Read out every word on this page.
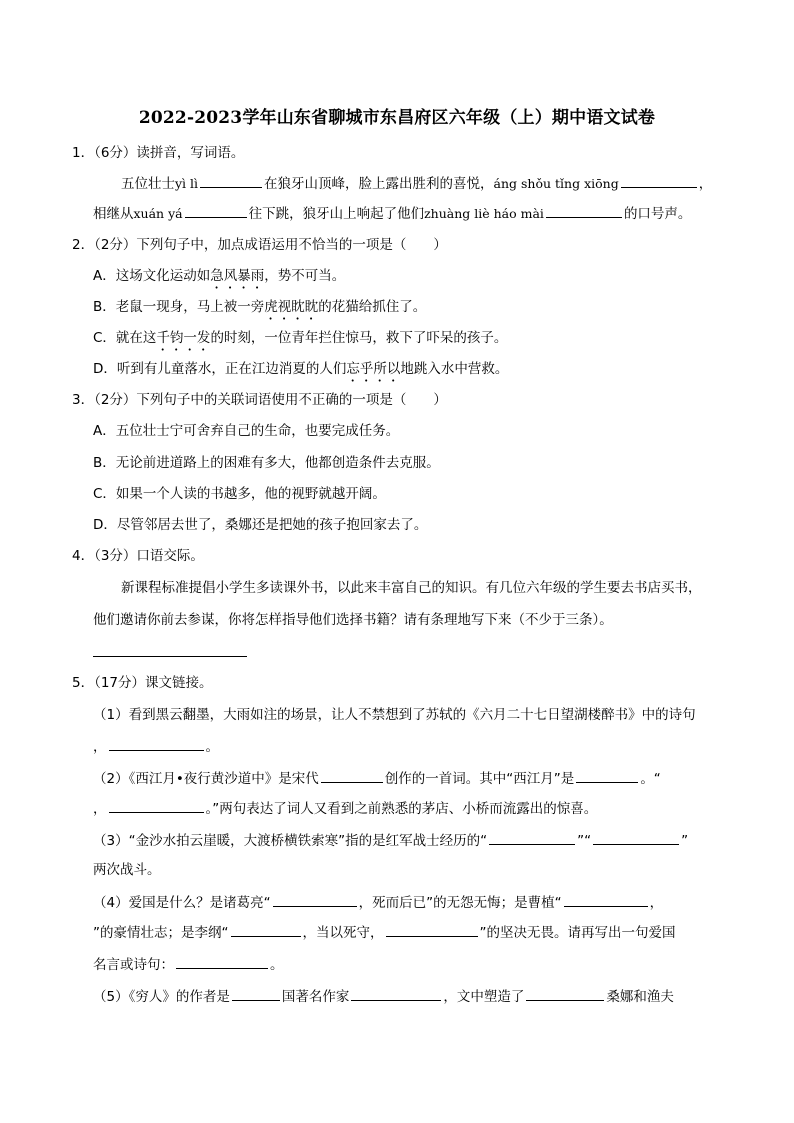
2022-2023学年山东省聊城市东昌府区六年级（上）期中语文试卷
1．（6分）读拼音，写词语。
五位壮士yì lì	在狼牙山顶峰，脸上露出胜利的喜悦，áng shǒu tǐng xiōng	，
相继从xuán yá	往下跳，狼牙山上响起了他们zhuàng liè háo mài	的口号声。
2．（2分）下列句子中，加点成语运用不恰当的一项是（　　）
A．这场文化运动如急风暴雨，势不可当。
B．老鼠一现身，马上被一旁虎视眈眈的花猫给抓住了。
C．就在这千钧一发的时刻，一位青年拦住惊马，救下了吓呆的孩子。
D．听到有儿童落水，正在江边消夏的人们忘乎所以地跳入水中营救。
3．（2分）下列句子中的关联词语使用不正确的一项是（　　）
A．五位壮士宁可舍弃自己的生命，也要完成任务。
B．无论前进道路上的困难有多大，他都创造条件去克服。
C．如果一个人读的书越多，他的视野就越开阔。
D．尽管邻居去世了，桑娜还是把她的孩子抱回家去了。
4．（3分）口语交际。
新课程标准提倡小学生多读课外书，以此来丰富自己的知识。有几位六年级的学生要去书店买书，
他们邀请你前去参谋，你将怎样指导他们选择书籍？请有条理地写下来（不少于三条）。
5．（17分）课文链接。
（1）看到黑云翻墨，大雨如注的场景，让人不禁想到了苏轼的《六月二十七日望湖楼醉书》中的诗句
，	。
（2）《西江月•夜行黄沙道中》是宋代	创作的一首词。其中“西江月”是	。“
，	。”两句表达了词人又看到之前熟悉的茅店、小桥而流露出的惊喜。
（3）“金沙水拍云崖暖，大渡桥横铁索寒”指的是红军战士经历的“	”“	”
两次战斗。
（4）爱国是什么？是诸葛亮“	，死而后已”的无怨无悔；是曹植“	，
”的豪情壮志；是李纲“	，当以死守，	”的坚决无畏。请再写出一句爱国
名言或诗句：	。
（5）《穷人》的作者是	国著名作家	，文中塑造了	桑娜和渔夫
